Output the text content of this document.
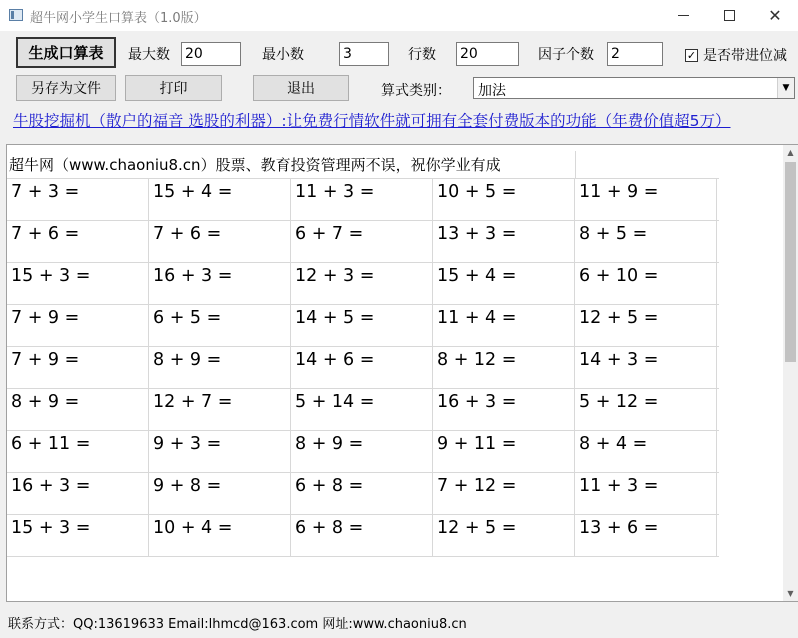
超牛网小学生口算表（1.0版）	✕
生成口算表	最大数 20	最小数	3	行数 20	因子个数 2	✓ 是否带进位减
另存为文件	打印	退出	算式类别：	加法	▼
牛股挖掘机（散户的福音 选股的利器）:让免费行情软件就可拥有全套付费版本的功能（年费价值超5万）
超牛网（www.chaoniu8.cn）股票、教育投资管理两不误，祝你学业有成
7 + 3 =	15 + 4 =	11 + 3 =	10 + 5 =	11 + 9 =
7 + 6 =	7 + 6 =	6 + 7 =	13 + 3 =	8 + 5 =
15 + 3 =	16 + 3 =	12 + 3 =	15 + 4 =	6 + 10 =
7 + 9 =	6 + 5 =	14 + 5 =	11 + 4 =	12 + 5 =
7 + 9 =	8 + 9 =	14 + 6 =	8 + 12 =	14 + 3 =
8 + 9 =	12 + 7 =	5 + 14 =	16 + 3 =	5 + 12 =
6 + 11 =	9 + 3 =	8 + 9 =	9 + 11 =	8 + 4 =
16 + 3 =	9 + 8 =	6 + 8 =	7 + 12 =	11 + 3 =
15 + 3 =	10 + 4 =	6 + 8 =	12 + 5 =	13 + 6 =
▲
▼
联系方式：QQ:13619633 Email:lhmcd@163.com 网址:www.chaoniu8.cn
